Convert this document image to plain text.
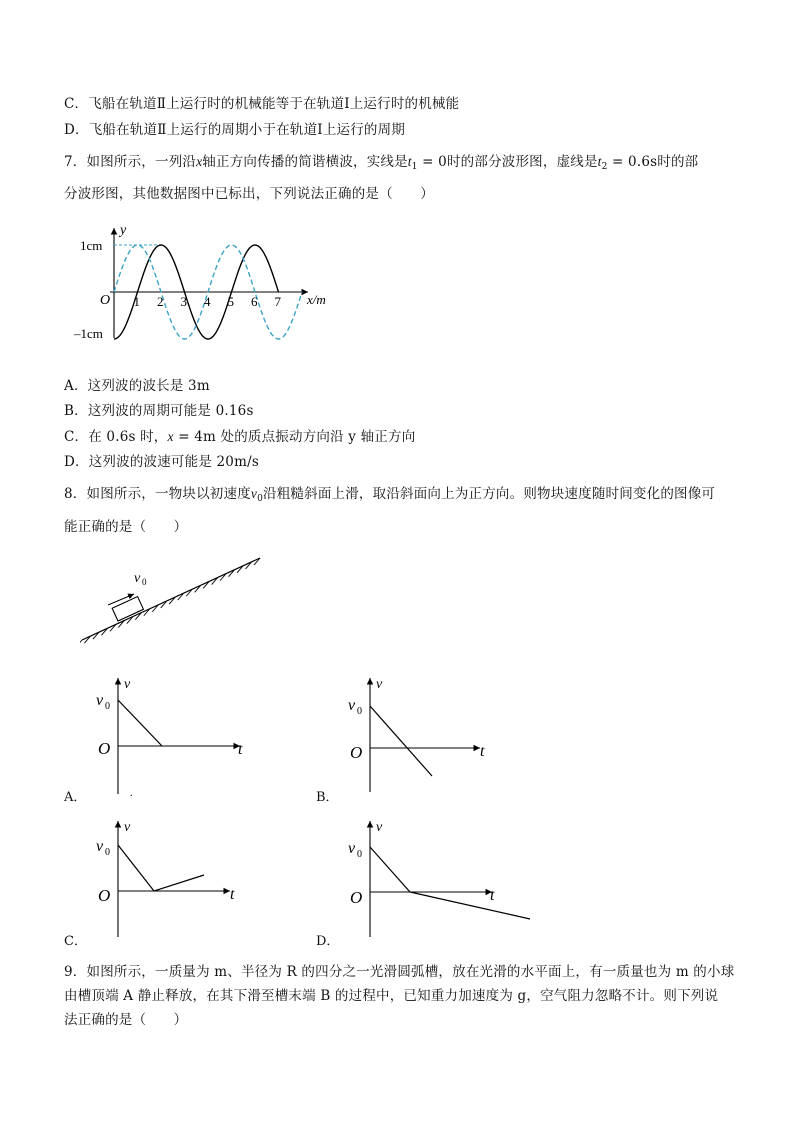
C．飞船在轨道Ⅱ上运行时的机械能等于在轨道Ⅰ上运行时的机械能
D．飞船在轨道Ⅱ上运行的周期小于在轨道Ⅰ上运行的周期
7．如图所示，一列沿x轴正方向传播的简谐横波，实线是$t_1 = 0$时的部分波形图，虚线是$t_2 = 0.6s$时的部
分波形图，其他数据图中已标出，下列说法正确的是（　　）
y
1cm
–1cm
O	x/m
1 2 3 4 5 6 7
A．这列波的波长是 3m
B．这列波的周期可能是 0.16s
C．在 0.6s 时，x = 4m 处的质点振动方向沿 y 轴正方向
D．这列波的波速可能是 20m/s
8．如图所示，一物块以初速度$v_0$沿粗糙斜面上滑，取沿斜面向上为正方向。则物块速度随时间变化的图像可
能正确的是（　　）
v 0
v
t
O
v 0
.
A．
v
t
O
v 0
B．
v
t
O
v 0
C．
v
t
O
v 0
D．
9．如图所示，一质量为 m、半径为 R 的四分之一光滑圆弧槽，放在光滑的水平面上，有一质量也为 m 的小球
由槽顶端 A 静止释放，在其下滑至槽末端 B 的过程中，已知重力加速度为 g，空气阻力忽略不计。则下列说
法正确的是（　　）
